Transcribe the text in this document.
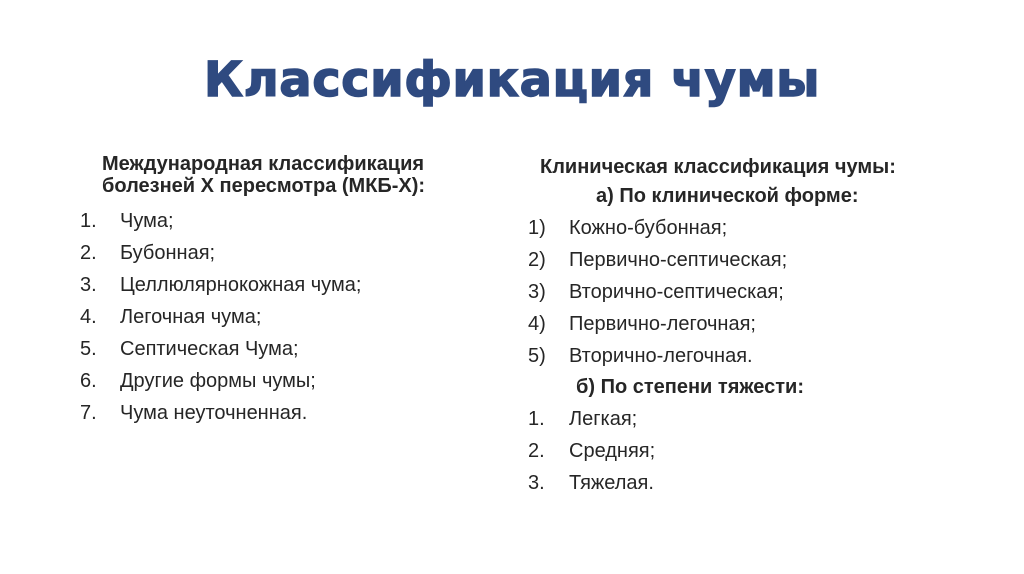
Классификация чумы
Международная классификация болезней X пересмотра (МКБ-X):
1.	Чума;
2.	Бубонная;
3.	Целлюлярнокожная чума;
4.	Легочная чума;
5.	Септическая Чума;
6.	Другие формы чумы;
7.	Чума неуточненная.
Клиническая классификация чумы:
а) По клинической форме:
1)	Кожно-бубонная;
2)	Первично-септическая;
3)	Вторично-септическая;
4)	Первично-легочная;
5)	Вторично-легочная.
б) По степени тяжести:
1.	Легкая;
2.	Средняя;
3.	Тяжелая.
